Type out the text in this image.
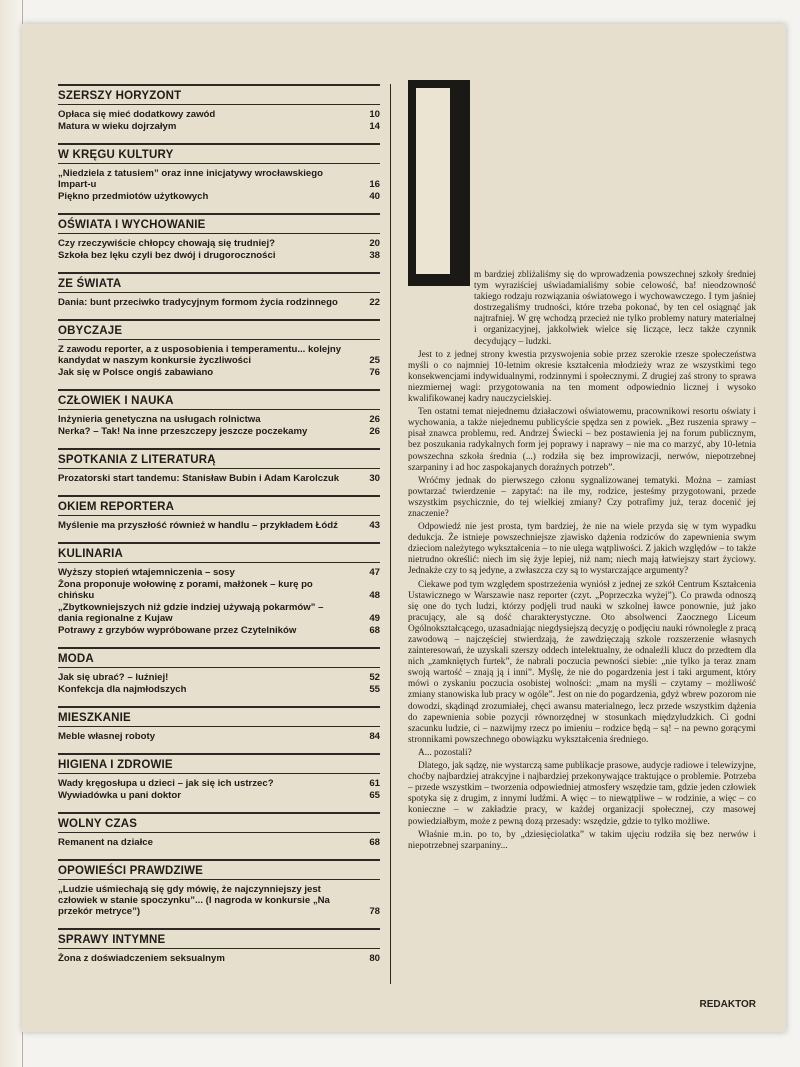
SZERSZY HORYZONT
Opłaca się mieć dodatkowy zawód	10
Matura w wieku dojrzałym	14
W KRĘGU KULTURY
„Niedziela z tatusiem” oraz inne inicjatywy wrocławskiego Impart-u	16
Piękno przedmiotów użytkowych	40
OŚWIATA I WYCHOWANIE
Czy rzeczywiście chłopcy chowają się trudniej?	20
Szkoła bez lęku czyli bez dwój i drugoroczności	38
ZE ŚWIATA
Dania: bunt przeciwko tradycyjnym formom życia rodzinnego	22
OBYCZAJE
Z zawodu reporter, a z usposobienia i temperamentu... kolejny kandydat w naszym konkursie życzliwości	25
Jak się w Polsce ongiś zabawiano	76
CZŁOWIEK I NAUKA
Inżynieria genetyczna na usługach rolnictwa	26
Nerka? – Tak! Na inne przeszczepy jeszcze poczekamy	26
SPOTKANIA Z LITERATURĄ
Prozatorski start tandemu: Stanisław Bubin i Adam Karolczuk	30
OKIEM REPORTERA
Myślenie ma przyszłość również w handlu – przykładem Łódź	43
KULINARIA
Wyższy stopień wtajemniczenia – sosy	47
Żona proponuje wołowinę z porami, małżonek – kurę po chińsku	48
„Zbytkowniejszych niż gdzie indziej używają pokarmów” – dania regionalne z Kujaw	49
Potrawy z grzybów wypróbowane przez Czytelników	68
MODA
Jak się ubrać? – luźniej!	52
Konfekcja dla najmłodszych	55
MIESZKANIE
Meble własnej roboty	84
HIGIENA I ZDROWIE
Wady kręgosłupa u dzieci – jak się ich ustrzec?	61
Wywiadówka u pani doktor	65
WOLNY CZAS
Remanent na działce	68
OPOWIEŚCI PRAWDZIWE
„Ludzie uśmiechają się gdy mówię, że najczynniejszy jest człowiek w stanie spoczynku”... (I nagroda w konkursie „Na przekór metryce”)	78
SPRAWY INTYMNE
Żona z doświadczeniem seksualnym	80

m bardziej zbliżaliśmy się do wprowadzenia powszechnej szkoły średniej tym wyraziściej uświadamialiśmy sobie celowość, ba! nieodzowność takiego rodzaju rozwiązania oświatowego i wychowawczego. I tym jaśniej dostrzegaliśmy trudności, które trzeba pokonać, by ten cel osiągnąć jak najtrafniej. W grę wchodzą przecież nie tylko problemy natury materialnej i organizacyjnej, jakkolwiek wielce się liczące, lecz także czynnik decydujący – ludzki.

Jest to z jednej strony kwestia przyswojenia sobie przez szerokie rzesze społeczeństwa myśli o co najmniej 10-letnim okresie kształcenia młodzieży wraz ze wszystkimi tego konsekwencjami indywidualnymi, rodzinnymi i społecznymi. Z drugiej zaś strony to sprawa niezmiernej wagi: przygotowania na ten moment odpowiednio licznej i wysoko kwalifikowanej kadry nauczycielskiej.

Ten ostatni temat niejednemu działaczowi oświatowemu, pracownikowi resortu oświaty i wychowania, a także niejednemu publicyście spędza sen z powiek. „Bez ruszenia sprawy – pisał znawca problemu, red. Andrzej Świecki – bez postawienia jej na forum publicznym, bez poszukania radykalnych form jej poprawy i naprawy – nie ma co marzyć, aby 10-letnia powszechna szkoła średnia (...) rodziła się bez improwizacji, nerwów, niepotrzebnej szarpaniny i ad hoc zaspokajanych doraźnych potrzeb”.

Wróćmy jednak do pierwszego członu sygnalizowanej tematyki. Można – zamiast powtarzać twierdzenie – zapytać: na ile my, rodzice, jesteśmy przygotowani, przede wszystkim psychicznie, do tej wielkiej zmiany? Czy potrafimy już, teraz docenić jej znaczenie?

Odpowiedź nie jest prosta, tym bardziej, że nie na wiele przyda się w tym wypadku dedukcja. Że istnieje powszechniejsze zjawisko dążenia rodziców do zapewnienia swym dzieciom należytego wykształcenia – to nie ulega wątpliwości. Z jakich względów – to także nietrudno określić: niech im się żyje lepiej, niż nam; niech mają łatwiejszy start życiowy. Jednakże czy to są jedyne, a zwłaszcza czy są to wystarczające argumenty?

Ciekawe pod tym względem spostrzeżenia wyniósł z jednej ze szkół Centrum Kształcenia Ustawicznego w Warszawie nasz reporter (czyt. „Poprzeczka wyżej”). Co prawda odnoszą się one do tych ludzi, którzy podjęli trud nauki w szkolnej ławce ponownie, już jako pracujący, ale są dość charakterystyczne. Oto absolwenci Zaocznego Liceum Ogólnokształcącego, uzasadniając niegdysiejszą decyzję o podjęciu nauki równolegle z pracą zawodową – najczęściej stwierdzają, że zawdzięczają szkole rozszerzenie własnych zainteresowań, że uzyskali szerszy oddech intelektualny, że odnaleźli klucz do przedtem dla nich „zamkniętych furtek”, że nabrali poczucia pewności siebie: „nie tylko ja teraz znam swoją wartość – znają ją i inni”. Myślę, że nie do pogardzenia jest i taki argument, który mówi o zyskaniu poczucia osobistej wolności: „mam na myśli – czytamy – możliwość zmiany stanowiska lub pracy w ogóle”. Jest on nie do pogardzenia, gdyż wbrew pozorom nie dowodzi, skądinąd zrozumiałej, chęci awansu materialnego, lecz przede wszystkim dążenia do zapewnienia sobie pozycji równorzędnej w stosunkach międzyludzkich. Ci godni szacunku ludzie, ci – nazwijmy rzecz po imieniu – rodzice będą – są! – na pewno gorącymi stronnikami powszechnego obowiązku wykształcenia średniego.

A... pozostali?

Dlatego, jak sądzę, nie wystarczą same publikacje prasowe, audycje radiowe i telewizyjne, choćby najbardziej atrakcyjne i najbardziej przekonywające traktujące o problemie. Potrzeba – przede wszystkim – tworzenia odpowiedniej atmosfery wszędzie tam, gdzie jeden człowiek spotyka się z drugim, z innymi ludźmi. A więc – to niewątpliwe – w rodzinie, a więc – co konieczne – w zakładzie pracy, w każdej organizacji społecznej, czy masowej powiedziałbym, może z pewną dozą przesady: wszędzie, gdzie to tylko możliwe.

Właśnie m.in. po to, by „dziesięciolatka” w takim ujęciu rodziła się bez nerwów i niepotrzebnej szarpaniny...

REDAKTOR
